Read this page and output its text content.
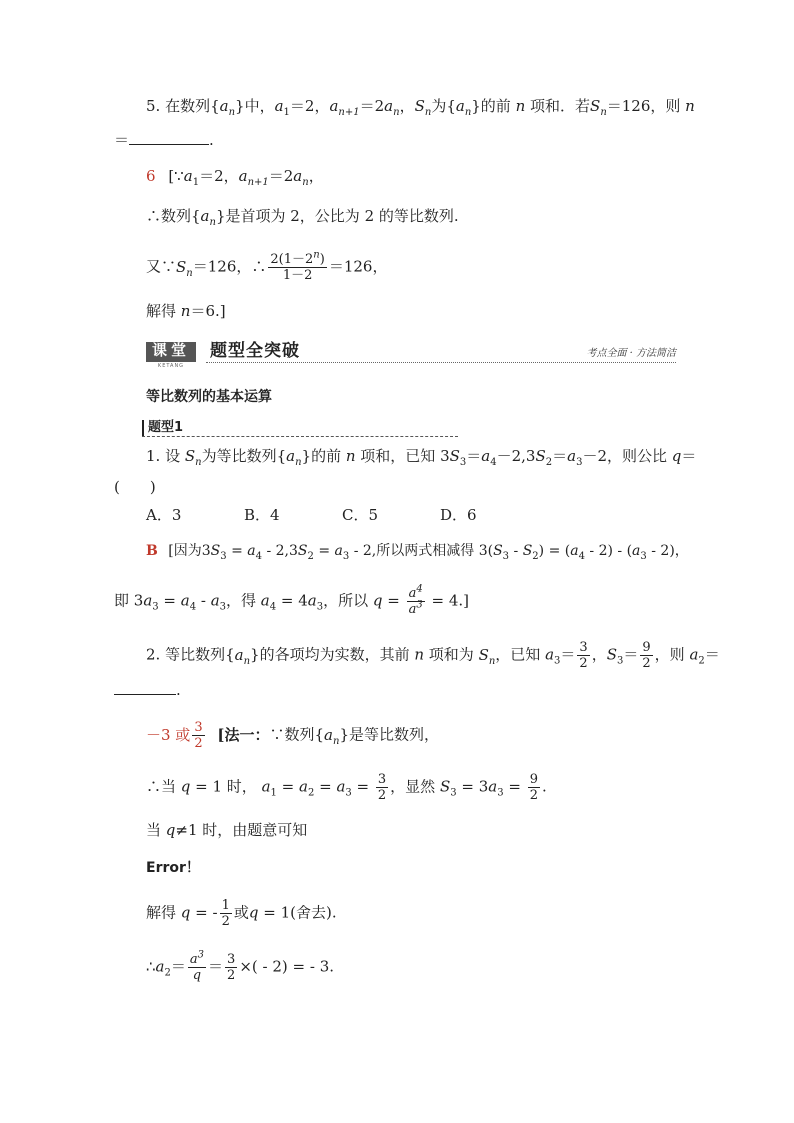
5. 在数列$\{a_n\}$中，$a_1=2$，$a_{n+1}=2a_n$，$S_n$为$\{a_n\}$的前 n 项和．若$S_n=126$，则 n
＝	.
6 [$\because a_1=2$，$a_{n+1}=2a_n$，
∴数列$\{a_n\}$是首项为 2，公比为 2 的等比数列.
又$\because S_n=126$，∴ $\frac{2(1-2^n)}{1-2} =126$，
解得 n＝6.]
课堂
KETANG
题型全突破	考点全面 · 方法简洁
等比数列的基本运算
题型1
1. 设 $S_n$为等比数列$\{a_n\}$的前 n 项和，已知 $3S_3=a_4-2,3S_2=a_3-2$，则公比 q＝
(　　)
A．3	B．4	C．5	D．6
B [因为$3S_3 = a_4 - 2,3S_2 = a_3 - 2$,所以两式相减得 $3(S_3 - S_2) = (a_4 - 2) - (a_3 - 2)$，
即 $3a_3 = a_4 - a_3$，得 $a_4 = 4a_3$，所以 $q = \frac{a^4}{a^3} = 4$.]
2. 等比数列$\{a_n\}$的各项均为实数，其前 n 项和为 $S_n$，已知 $a_3= \frac{3}{2}$ ，$S_3= \frac{9}{2}$ ，则 $a_2=$
.
－3 或 $\frac{3}{2}$ [法一：∵数列$\{a_n\}$是等比数列，
∴当 q = 1 时， $a_1 = a_2 = a_3 = \frac{3}{2}$ ，显然 $S_3 = 3a_3 = \frac{9}{2}$ .
当 q≠1 时，由题意可知
Error！
解得 q = - $\frac{1}{2}$ 或q = 1(舍去).
$\therefore a_2= \frac{a^3}{q} = \frac{3}{2}$ ×( - 2) = - 3.
